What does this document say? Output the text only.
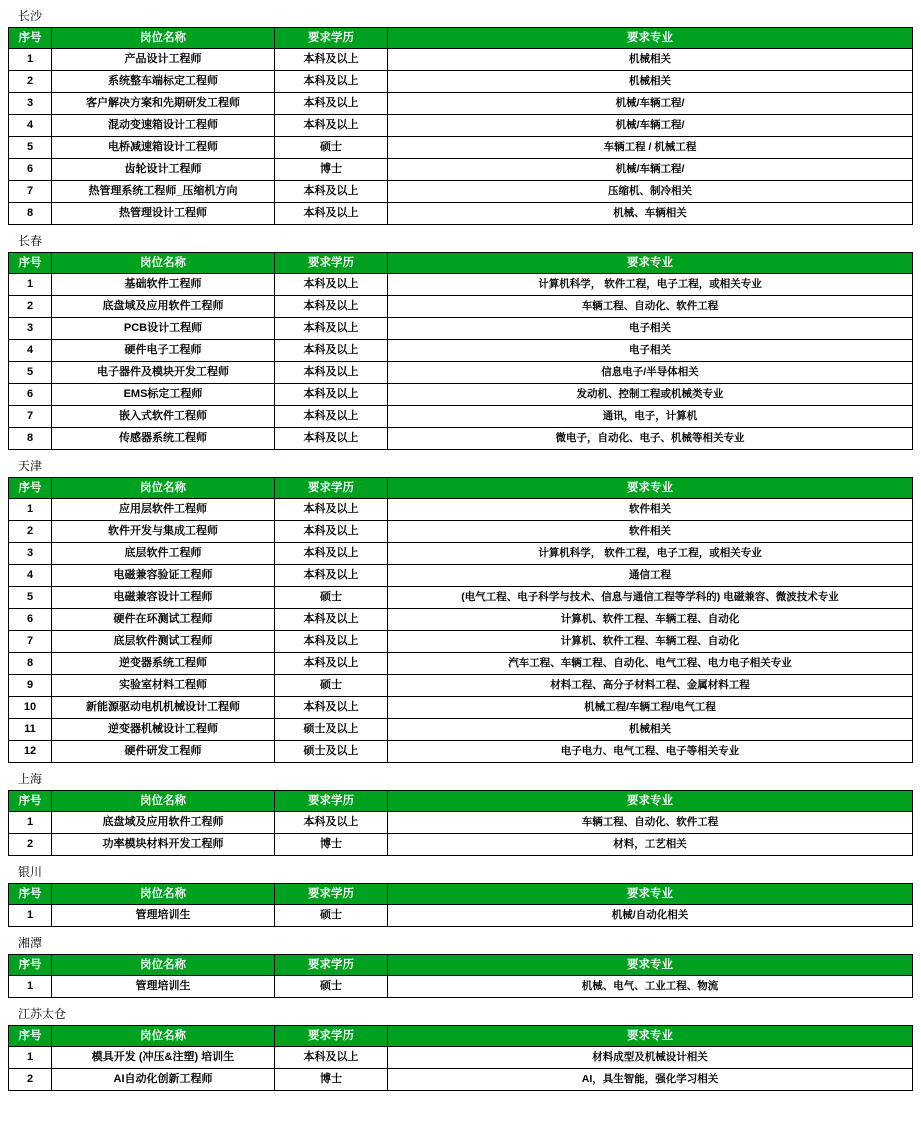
长沙
序号	岗位名称	要求学历	要求专业

1	产品设计工程师	本科及以上	机械相关

2	系统整车端标定工程师	本科及以上	机械相关

3	客户解决方案和先期研发工程师	本科及以上	机械/车辆工程/

4	混动变速箱设计工程师	本科及以上	机械/车辆工程/

5	电桥减速箱设计工程师	硕士	车辆工程 / 机械工程

6	齿轮设计工程师	博士	机械/车辆工程/

7	热管理系统工程师_压缩机方向	本科及以上	压缩机、制冷相关

8	热管理设计工程师	本科及以上	机械、车辆相关
长春
序号	岗位名称	要求学历	要求专业

1	基础软件工程师	本科及以上	计算机科学， 软件工程，电子工程，或相关专业

2	底盘域及应用软件工程师	本科及以上	车辆工程、自动化、软件工程

3	PCB设计工程师	本科及以上	电子相关

4	硬件电子工程师	本科及以上	电子相关

5	电子器件及模块开发工程师	本科及以上	信息电子/半导体相关

6	EMS标定工程师	本科及以上	发动机、控制工程或机械类专业

7	嵌入式软件工程师	本科及以上	通讯，电子，计算机

8	传感器系统工程师	本科及以上	微电子，自动化、电子、机械等相关专业
天津
序号	岗位名称	要求学历	要求专业

1	应用层软件工程师	本科及以上	软件相关

2	软件开发与集成工程师	本科及以上	软件相关

3	底层软件工程师	本科及以上	计算机科学， 软件工程，电子工程，或相关专业

4	电磁兼容验证工程师	本科及以上	通信工程

5	电磁兼容设计工程师	硕士	(电气工程、电子科学与技术、信息与通信工程等学科的) 电磁兼容、微波技术专业

6	硬件在环测试工程师	本科及以上	计算机、软件工程、车辆工程、自动化

7	底层软件测试工程师	本科及以上	计算机、软件工程、车辆工程、自动化

8	逆变器系统工程师	本科及以上	汽车工程、车辆工程、自动化、电气工程、电力电子相关专业

9	实验室材料工程师	硕士	材料工程、高分子材料工程、金属材料工程

10	新能源驱动电机机械设计工程师	本科及以上	机械工程/车辆工程/电气工程

11	逆变器机械设计工程师	硕士及以上	机械相关

12	硬件研发工程师	硕士及以上	电子电力、电气工程、电子等相关专业
上海
序号	岗位名称	要求学历	要求专业

1	底盘域及应用软件工程师	本科及以上	车辆工程、自动化、软件工程

2	功率模块材料开发工程师	博士	材料，工艺相关
银川
序号	岗位名称	要求学历	要求专业

1	管理培训生	硕士	机械/自动化相关
湘潭
序号	岗位名称	要求学历	要求专业

1	管理培训生	硕士	机械、电气、工业工程、物流
江苏太仓
序号	岗位名称	要求学历	要求专业

1	模具开发 (冲压&注塑) 培训生	本科及以上	材料成型及机械设计相关

2	AI自动化创新工程师	博士	AI，具生智能，强化学习相关
